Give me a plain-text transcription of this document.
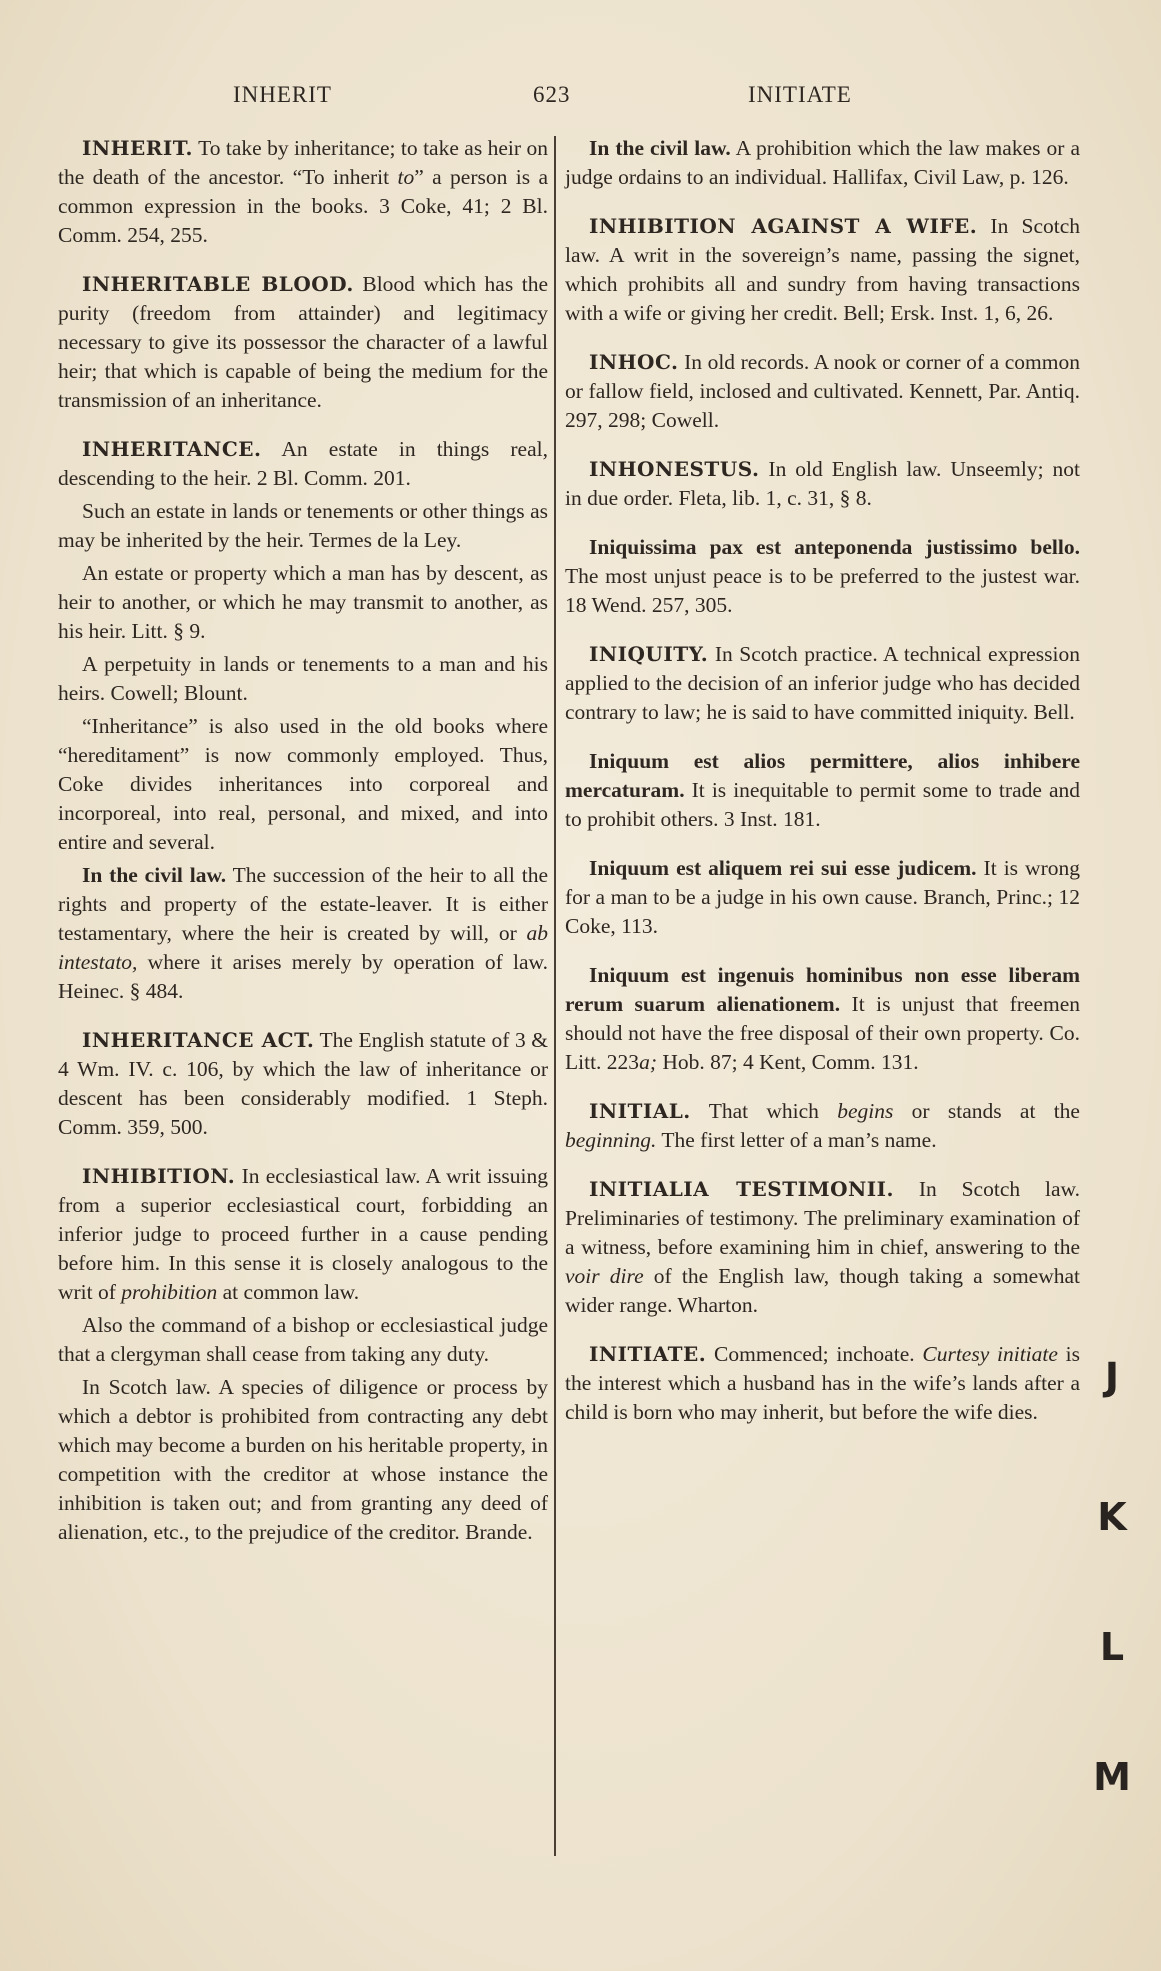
INHERIT	623	INITIATE

INHERIT. To take by inheritance; to take as heir on the death of the ancestor. “To inherit to” a person is a common expression in the books. 3 Coke, 41; 2 Bl. Comm. 254, 255.

INHERITABLE BLOOD. Blood which has the purity (freedom from attainder) and legitimacy necessary to give its possessor the character of a lawful heir; that which is capable of being the medium for the transmission of an inheritance.

INHERITANCE. An estate in things real, descending to the heir. 2 Bl. Comm. 201.

Such an estate in lands or tenements or other things as may be inherited by the heir. Termes de la Ley.

An estate or property which a man has by descent, as heir to another, or which he may transmit to another, as his heir. Litt. § 9.

A perpetuity in lands or tenements to a man and his heirs. Cowell; Blount.

“Inheritance” is also used in the old books where “hereditament” is now commonly employed. Thus, Coke divides inheritances into corporeal and incorporeal, into real, personal, and mixed, and into entire and several.

In the civil law. The succession of the heir to all the rights and property of the estate-leaver. It is either testamentary, where the heir is created by will, or ab intestato, where it arises merely by operation of law. Heinec. § 484.

INHERITANCE ACT. The English statute of 3 & 4 Wm. IV. c. 106, by which the law of inheritance or descent has been considerably modified. 1 Steph. Comm. 359, 500.

INHIBITION. In ecclesiastical law. A writ issuing from a superior ecclesiastical court, forbidding an inferior judge to proceed further in a cause pending before him. In this sense it is closely analogous to the writ of prohibition at common law.

Also the command of a bishop or ecclesiastical judge that a clergyman shall cease from taking any duty.

In Scotch law. A species of diligence or process by which a debtor is prohibited from contracting any debt which may become a burden on his heritable property, in competition with the creditor at whose instance the inhibition is taken out; and from granting any deed of alienation, etc., to the prejudice of the creditor. Brande.

In the civil law. A prohibition which the law makes or a judge ordains to an individual. Hallifax, Civil Law, p. 126.

INHIBITION AGAINST A WIFE. In Scotch law. A writ in the sovereign’s name, passing the signet, which prohibits all and sundry from having transactions with a wife or giving her credit. Bell; Ersk. Inst. 1, 6, 26.

INHOC. In old records. A nook or corner of a common or fallow field, inclosed and cultivated. Kennett, Par. Antiq. 297, 298; Cowell.

INHONESTUS. In old English law. Unseemly; not in due order. Fleta, lib. 1, c. 31, § 8.

Iniquissima pax est anteponenda justissimo bello. The most unjust peace is to be preferred to the justest war. 18 Wend. 257, 305.

INIQUITY. In Scotch practice. A technical expression applied to the decision of an inferior judge who has decided contrary to law; he is said to have committed iniquity. Bell.

Iniquum est alios permittere, alios inhibere mercaturam. It is inequitable to permit some to trade and to prohibit others. 3 Inst. 181.

Iniquum est aliquem rei sui esse judicem. It is wrong for a man to be a judge in his own cause. Branch, Princ.; 12 Coke, 113.

Iniquum est ingenuis hominibus non esse liberam rerum suarum alienationem. It is unjust that freemen should not have the free disposal of their own property. Co. Litt. 223a; Hob. 87; 4 Kent, Comm. 131.

INITIAL. That which begins or stands at the beginning. The first letter of a man’s name.

INITIALIA TESTIMONII. In Scotch law. Preliminaries of testimony. The preliminary examination of a witness, before examining him in chief, answering to the voir dire of the English law, though taking a somewhat wider range. Wharton.

INITIATE. Commenced; inchoate. Curtesy initiate is the interest which a husband has in the wife’s lands after a child is born who may inherit, but before the wife dies.

J
K
L
M
